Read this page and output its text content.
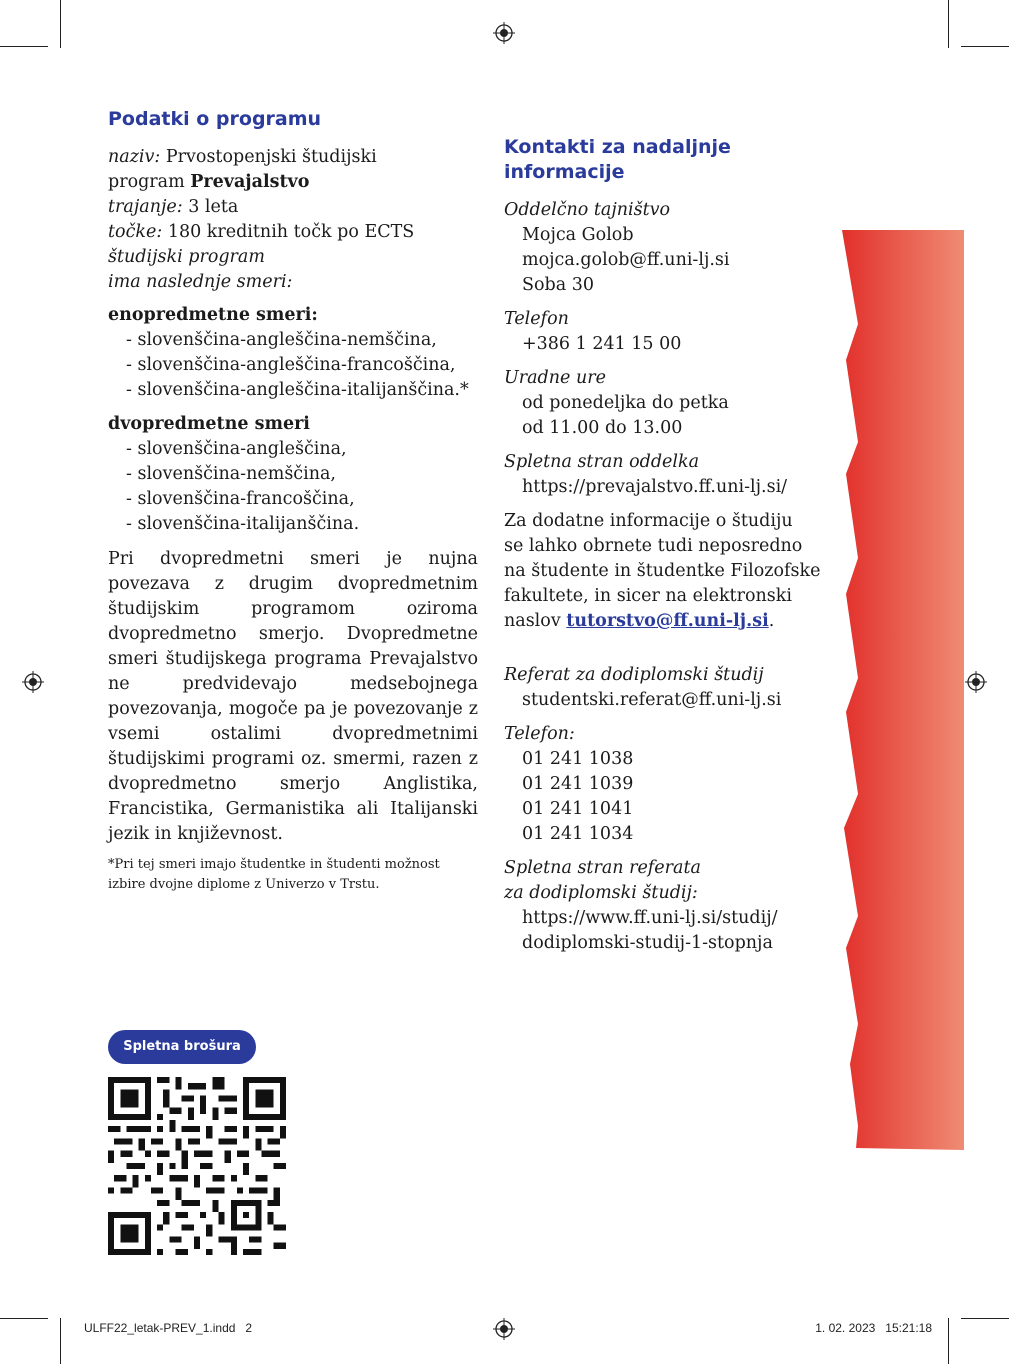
Podatki o programu
naziv: Prvostopenjski študijski
program Prevajalstvo
trajanje: 3 leta
točke: 180 kreditnih točk po ECTS
študijski program
ima naslednje smeri:
enopredmetne smeri:
- slovenščina-angleščina-nemščina,
- slovenščina-angleščina-francoščina,
- slovenščina-angleščina-italijanščina.*
dvopredmetne smeri
- slovenščina-angleščina,
- slovenščina-nemščina,
- slovenščina-francoščina,
- slovenščina-italijanščina.
Pri dvopredmetni smeri je nujna povezava z drugim dvopredmetnim študijskim programom oziroma dvopredmetno smerjo. Dvopredmetne smeri študijskega programa Prevajalstvo ne predvidevajo medsebojnega povezovanja, mogoče pa je povezovanje z vsemi ostalimi dvopredmetnimi študijskimi programi oz. smermi, razen z dvopredmetno smerjo Anglistika, Francistika, Germanistika ali Italijanski jezik in književnost.
*Pri tej smeri imajo študentke in študenti možnost izbire dvojne diplome z Univerzo v Trstu.
Spletna brošura
Kontakti za nadaljnje
informacije
Oddelčno tajništvo
Mojca Golob
mojca.golob@ff.uni-lj.si
Soba 30
Telefon
+386 1 241 15 00
Uradne ure
od ponedeljka do petka
od 11.00 do 13.00
Spletna stran oddelka
https://prevajalstvo.ff.uni-lj.si/
Za dodatne informacije o študiju
se lahko obrnete tudi neposredno
na študente in študentke Filozofske
fakultete, in sicer na elektronski
naslov tutorstvo@ff.uni-lj.si.
Referat za dodiplomski študij
studentski.referat@ff.uni-lj.si
Telefon:
01 241 1038
01 241 1039
01 241 1041
01 241 1034
Spletna stran referata
za dodiplomski študij:
https://www.ff.uni-lj.si/studij/
dodiplomski-studij-1-stopnja
ULFF22_letak-PREV_1.indd   2	1. 02. 2023   15:21:18
